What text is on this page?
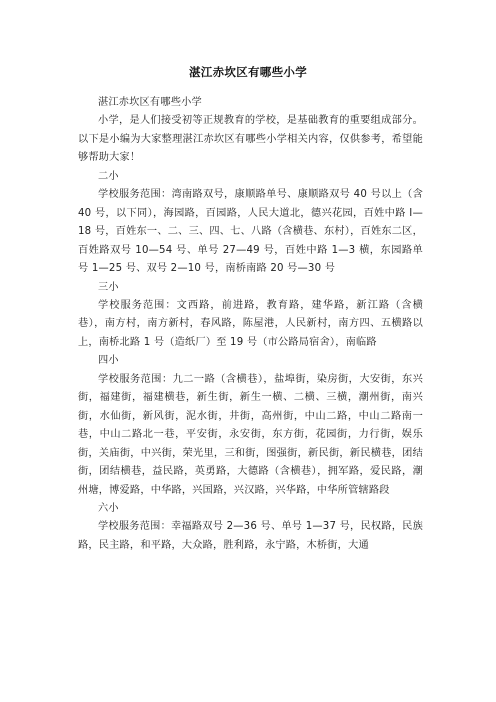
湛江赤坎区有哪些小学

湛江赤坎区有哪些小学

小学，是人们接受初等正规教育的学校，是基础教育的重要组成部分。以下是小编为大家整理湛江赤坎区有哪些小学相关内容，仅供参考，希望能够帮助大家！

二小

学校服务范围：湾南路双号，康顺路单号、康顺路双号 40 号以上（含 40 号，以下同），海园路，百园路，人民大道北，德兴花园，百姓中路 Ⅰ—18 号，百姓东一、二、三、四、七、八路（含横巷、东村），百姓东二区，百姓路双号 10—54 号、单号 27—49 号，百姓中路 1—3 横，东园路单号 1—25 号、双号 2—10 号，南桥南路 20 号—30 号

三小

学校服务范围：文西路，前进路，教育路，建华路，新江路（含横巷），南方村，南方新村，春风路，陈屋港，人民新村，南方四、五横路以上，南桥北路 1 号（造纸厂）至 19 号（市公路局宿舍），南临路

四小

学校服务范围：九二一路（含横巷），盐埠街，染房街，大安街，东兴街，福建街，福建横巷，新生街，新生一横、二横、三横，潮州街，南兴街，水仙街，新风街，泥水街，井街，高州街，中山二路，中山二路南一巷，中山二路北一巷，平安街，永安街，东方街，花园街，力行街，娱乐街，关庙街，中兴街，荣光里，三和街，图强街，新民街，新民横巷，团结街，团结横巷，益民路，英勇路，大德路（含横巷），拥军路，爱民路，潮州塘，博爱路，中华路，兴国路，兴汉路，兴华路，中华所管辖路段

六小

学校服务范围：幸福路双号 2—36 号、单号 1—37 号，民权路，民族路，民主路，和平路，大众路，胜利路，永宁路，木桥街，大通
